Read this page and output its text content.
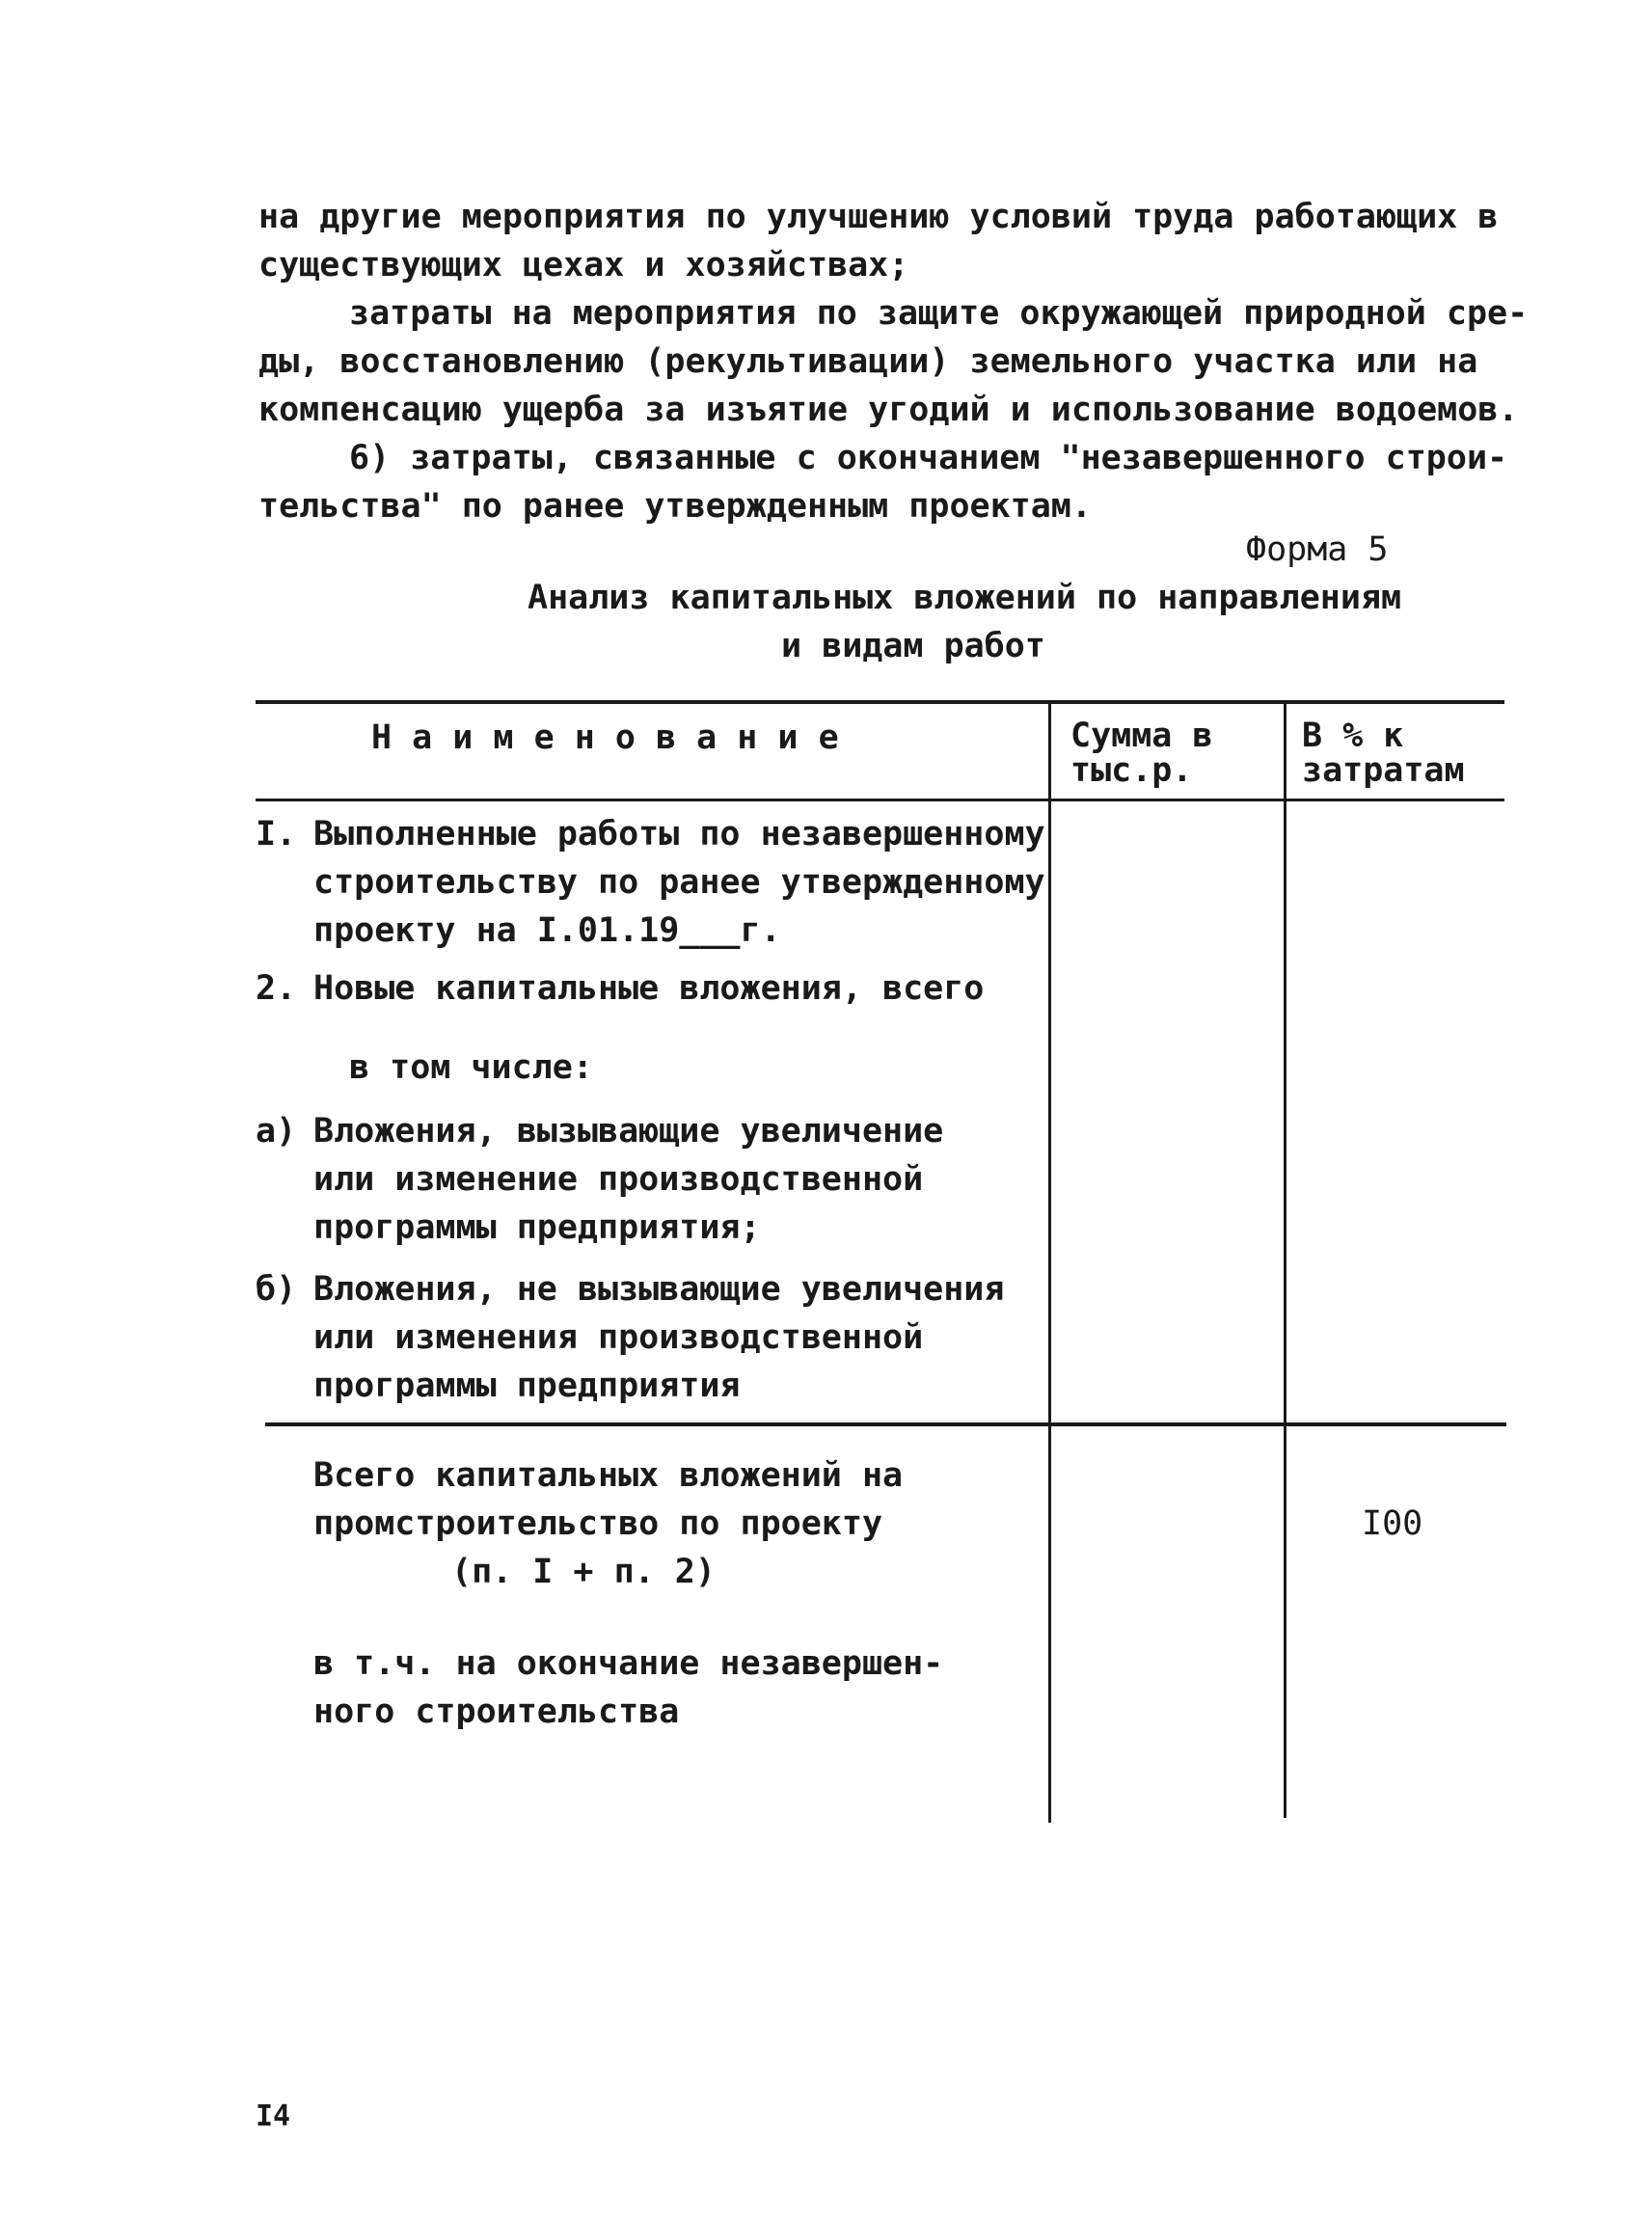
на другие мероприятия по улучшению условий труда работающих в
существующих цехах и хозяйствах;
затраты на мероприятия по защите окружающей природной сре-
ды, восстановлению (рекультивации) земельного участка или на
компенсацию ущерба за изъятие угодий и использование водоемов.
6) затраты, связанные с окончанием "незавершенного строи-
тельства" по ранее утвержденным проектам.
Форма 5
Анализ капитальных вложений по направлениям
и видам работ
Н а и м е н о в а н и е	Сумма в
тыс.р.
В % к
затратам
I. Выполненные работы по незавершенному
строительству по ранее утвержденному
проекту на I.01.19___г.
2. Новые капитальные вложения, всего
в том числе:
а) Вложения, вызывающие увеличение
или изменение производственной
программы предприятия;
б) Вложения, не вызывающие увеличения
или изменения производственной
программы предприятия
Всего капитальных вложений на
промстроительство по проекту
(п. I + п. 2)
I00
в т.ч. на окончание незавершен-
ного строительства
I4
